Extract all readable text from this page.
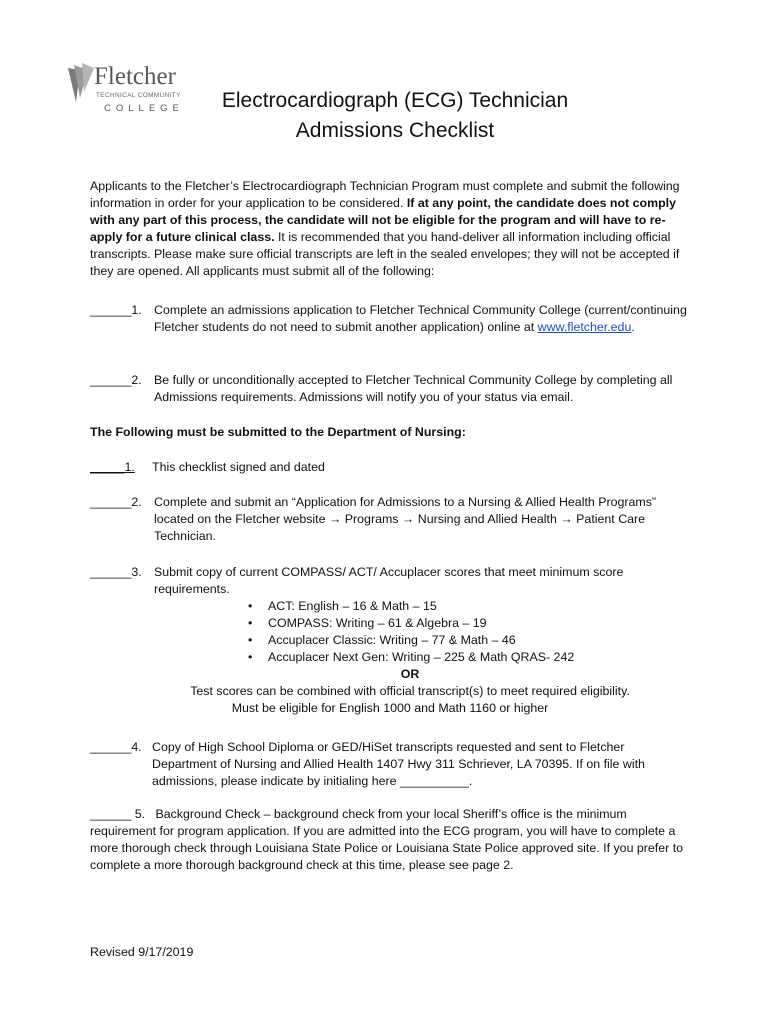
Fletcher
TECHNICAL COMMUNITY
COLLEGE	Electrocardiograph (ECG) Technician
Admissions Checklist

Applicants to the Fletcher’s Electrocardiograph Technician Program must complete and submit the following information in order for your application to be considered. If at any point, the candidate does not comply with any part of this process, the candidate will not be eligible for the program and will have to re-apply for a future clinical class. It is recommended that you hand-deliver all information including official transcripts. Please make sure official transcripts are left in the sealed envelopes; they will not be accepted if they are opened. All applicants must submit all of the following:

______1. Complete an admissions application to Fletcher Technical Community College (current/continuing Fletcher students do not need to submit another application) online at www.fletcher.edu.
______2. Be fully or unconditionally accepted to Fletcher Technical Community College by completing all Admissions requirements. Admissions will notify you of your status via email.
The Following must be submitted to the Department of Nursing:
_____1. This checklist signed and dated
______2. Complete and submit an “Application for Admissions to a Nursing & Allied Health Programs” located on the Fletcher website → Programs → Nursing and Allied Health → Patient Care Technician.
______3. Submit copy of current COMPASS/ ACT/ Accuplacer scores that meet minimum score requirements.
• ACT: English – 16 & Math – 15
• COMPASS: Writing – 61 & Algebra – 19
• Accuplacer Classic: Writing – 77 & Math – 46
• Accuplacer Next Gen: Writing – 225 & Math QRAS- 242
OR
Test scores can be combined with official transcript(s) to meet required eligibility.
Must be eligible for English 1000 and Math 1160 or higher
______4. Copy of High School Diploma or GED/HiSet transcripts requested and sent to Fletcher Department of Nursing and Allied Health 1407 Hwy 311 Schriever, LA 70395. If on file with admissions, please indicate by initialing here __________.
______ 5. Background Check – background check from your local Sheriff’s office is the minimum requirement for program application. If you are admitted into the ECG program, you will have to complete a more thorough check through Louisiana State Police or Louisiana State Police approved site. If you prefer to complete a more thorough background check at this time, please see page 2.
Revised 9/17/2019
